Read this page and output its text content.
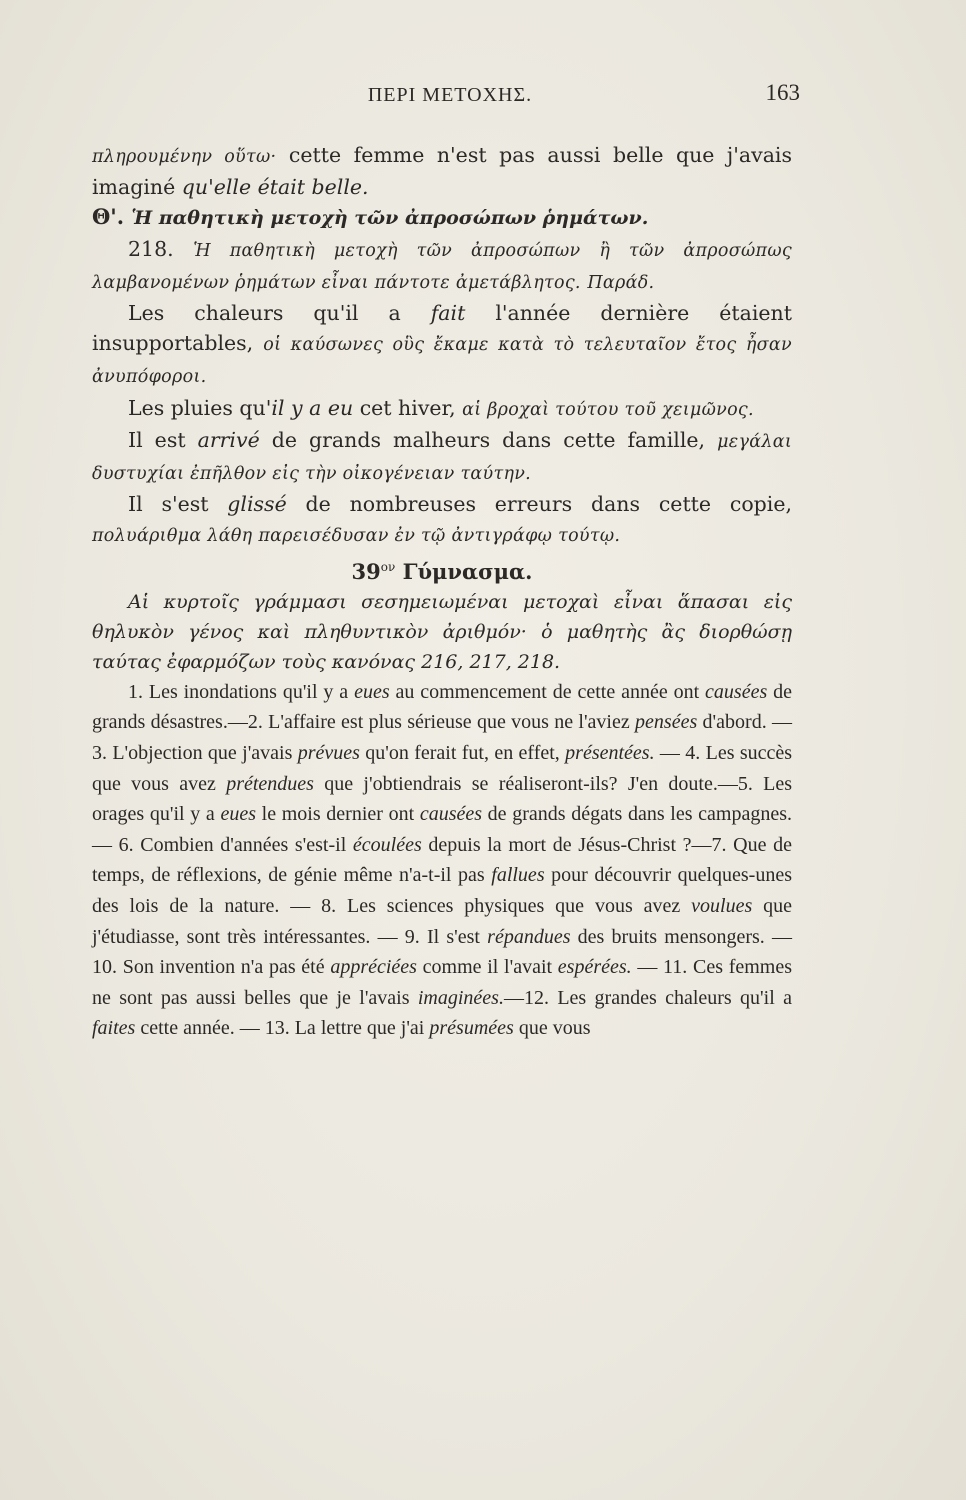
ΠΕΡΙ ΜΕΤΟΧΗΣ.	163

πληρουμένην οὕτω· cette femme n'est pas aussi belle que j'avais imaginé qu'elle était belle.

Θ'. Ἡ παθητικὴ μετοχὴ τῶν ἀπροσώπων ῥημάτων.

218. Ἡ παθητικὴ μετοχὴ τῶν ἀπροσώπων ἢ τῶν ἀπροσώπως λαμβανομένων ῥημάτων εἶναι πάντοτε ἀμετάβλητος. Παράδ.

Les chaleurs qu'il a fait l'année dernière étaient insupportables, οἱ καύσωνες οὓς ἔκαμε κατὰ τὸ τελευταῖον ἔτος ἦσαν ἀνυπόφοροι.

Les pluies qu'il y a eu cet hiver, αἱ βροχαὶ τούτου τοῦ χειμῶνος.

Il est arrivé de grands malheurs dans cette famille, μεγάλαι δυστυχίαι ἐπῆλθον εἰς τὴν οἰκογένειαν ταύτην.

Il s'est glissé de nombreuses erreurs dans cette copie, πολυάριθμα λάθη παρεισέδυσαν ἐν τῷ ἀντιγράφῳ τούτῳ.

$39^{o\nu}$ Γύμνασμα.

Αἱ κυρτοῖς γράμμασι σεσημειωμέναι μετοχαὶ εἶναι ἅπασαι εἰς θηλυκὸν γένος καὶ πληθυντικὸν ἀριθμόν· ὁ μαθητὴς ἂς διορθώσῃ ταύτας ἐφαρμόζων τοὺς κανόνας 216, 217, 218.

1. Les inondations qu'il y a eues au commencement de cette année ont causées de grands désastres.—2. L'affaire est plus sérieuse que vous ne l'aviez pensées d'abord. — 3. L'objection que j'avais prévues qu'on ferait fut, en effet, présentées. — 4. Les succès que vous avez prétendues que j'obtiendrais se réaliseront-ils? J'en doute.—5. Les orages qu'il y a eues le mois dernier ont causées de grands dégats dans les campagnes. — 6. Combien d'années s'est-il écoulées depuis la mort de Jésus-Christ ?—7. Que de temps, de réflexions, de génie même n'a-t-il pas fallues pour découvrir quelques-unes des lois de la nature. — 8. Les sciences physiques que vous avez voulues que j'étudiasse, sont très intéressantes. — 9. Il s'est répandues des bruits mensongers. — 10. Son invention n'a pas été appréciées comme il l'avait espérées. — 11. Ces femmes ne sont pas aussi belles que je l'avais imaginées.—12. Les grandes chaleurs qu'il a faites cette année. — 13. La lettre que j'ai présumées que vous
